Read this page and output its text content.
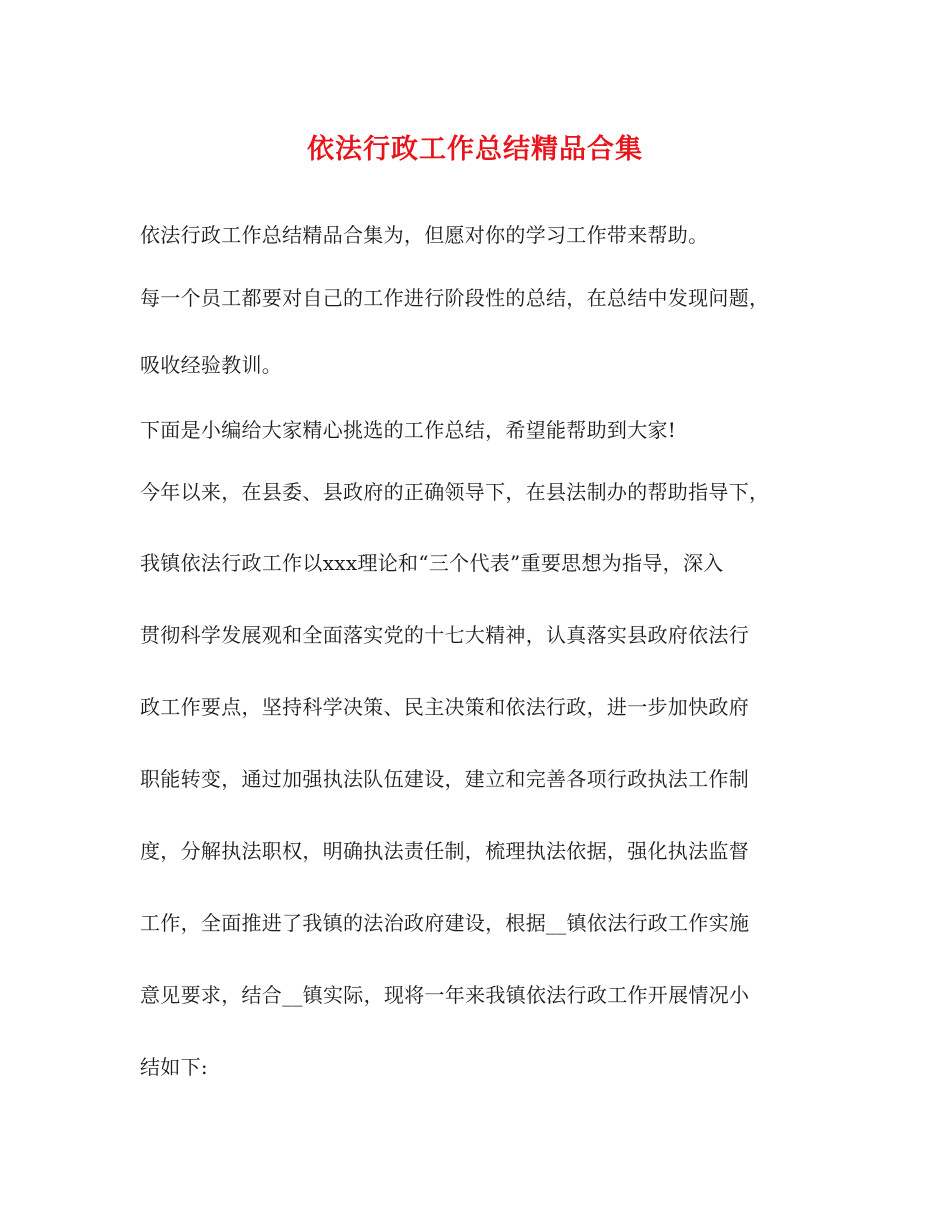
依法行政工作总结精品合集
依法行政工作总结精品合集为，但愿对你的学习工作带来帮助。
每一个员工都要对自己的工作进行阶段性的总结，在总结中发现问题，
吸收经验教训。
下面是小编给大家精心挑选的工作总结，希望能帮助到大家!
今年以来，在县委、县政府的正确领导下，在县法制办的帮助指导下，
我镇依法行政工作以xxx理论和“三个代表”重要思想为指导，深入
贯彻科学发展观和全面落实党的十七大精神，认真落实县政府依法行
政工作要点，坚持科学决策、民主决策和依法行政，进一步加快政府
职能转变，通过加强执法队伍建设，建立和完善各项行政执法工作制
度，分解执法职权，明确执法责任制，梳理执法依据，强化执法监督
工作，全面推进了我镇的法治政府建设，根据__镇依法行政工作实施
意见要求，结合__镇实际，现将一年来我镇依法行政工作开展情况小
结如下:
